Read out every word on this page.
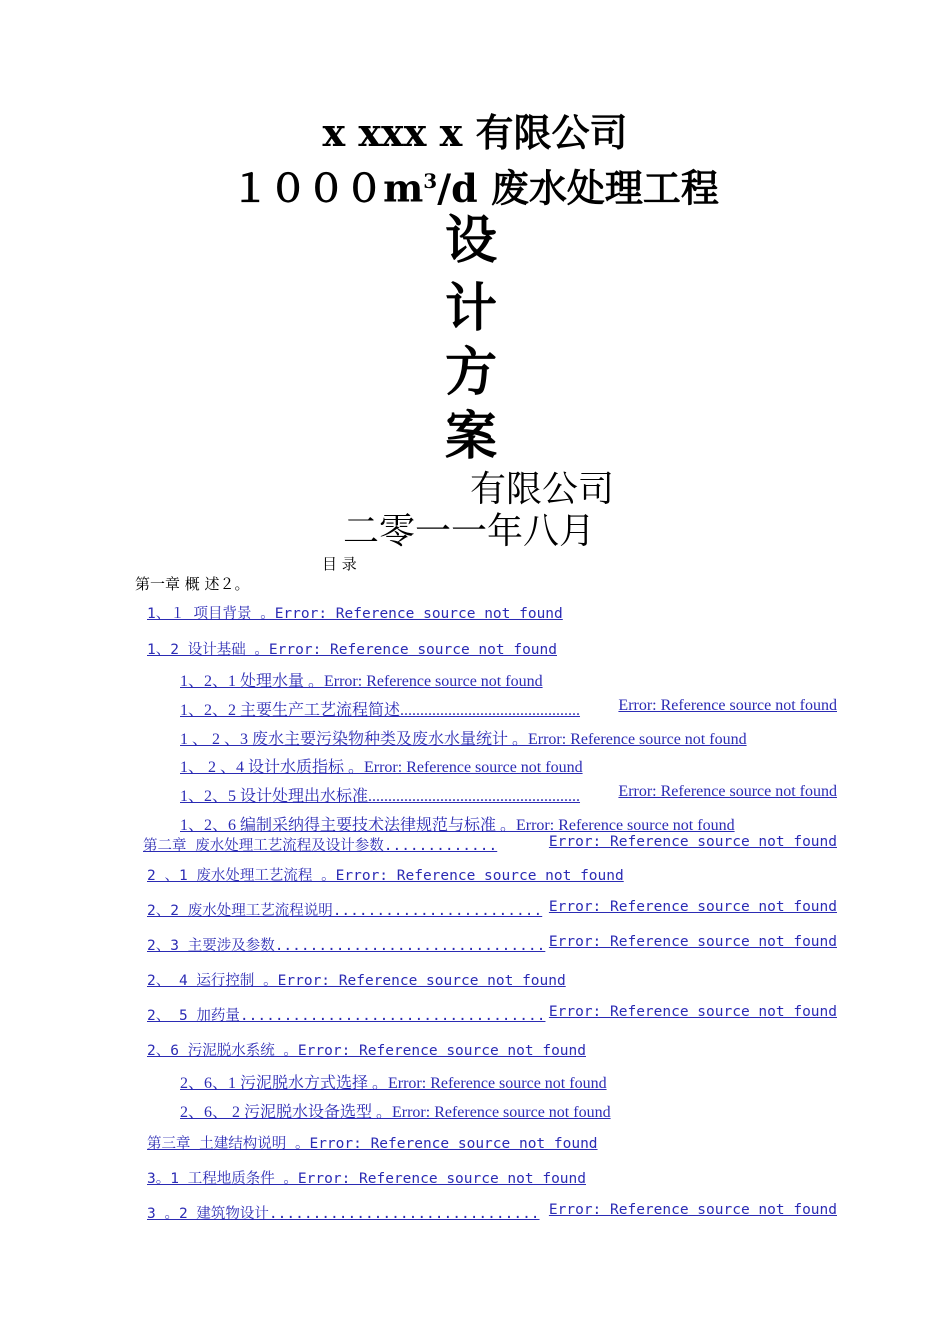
x xxx x 有限公司
$1000m^3/d$ 废水处理工程
设
计
方
案
有限公司
二零一一年八月
目 录
第一章 概 述２。
1、１ 项目背景 。Error: Reference source not found
1、2 设计基础 。Error: Reference source not found
1、2、1 处理水量 。Error: Reference source not found
1、2、2 主要生产工艺流程简述............................................. Error: Reference source not found
1 、 2 、3 废水主要污染物种类及废水水量统计 。Error: Reference source not found
1、 2 、4 设计水质指标 。Error: Reference source not found
1、2、5 设计处理出水标准..................................................... Error: Reference source not found
1、2、6 编制采纳得主要技术法律规范与标准 。Error: Reference source not found
第二章 废水处理工艺流程及设计参数.............	Error: Reference source not found
2 、1 废水处理工艺流程 。Error: Reference source not found
2、2 废水处理工艺流程说明........................ Error: Reference source not found
2、3 主要涉及参数............................... Error: Reference source not found
2、 4 运行控制 。Error: Reference source not found
2、 5 加药量................................... Error: Reference source not found
2、6 污泥脱水系统 。Error: Reference source not found
2、6、1 污泥脱水方式选择 。Error: Reference source not found
2、6、 2 污泥脱水设备选型 。Error: Reference source not found
第三章 土建结构说明 。Error: Reference source not found
3。1 工程地质条件 。Error: Reference source not found
3 。2 建筑物设计............................... Error: Reference source not found
